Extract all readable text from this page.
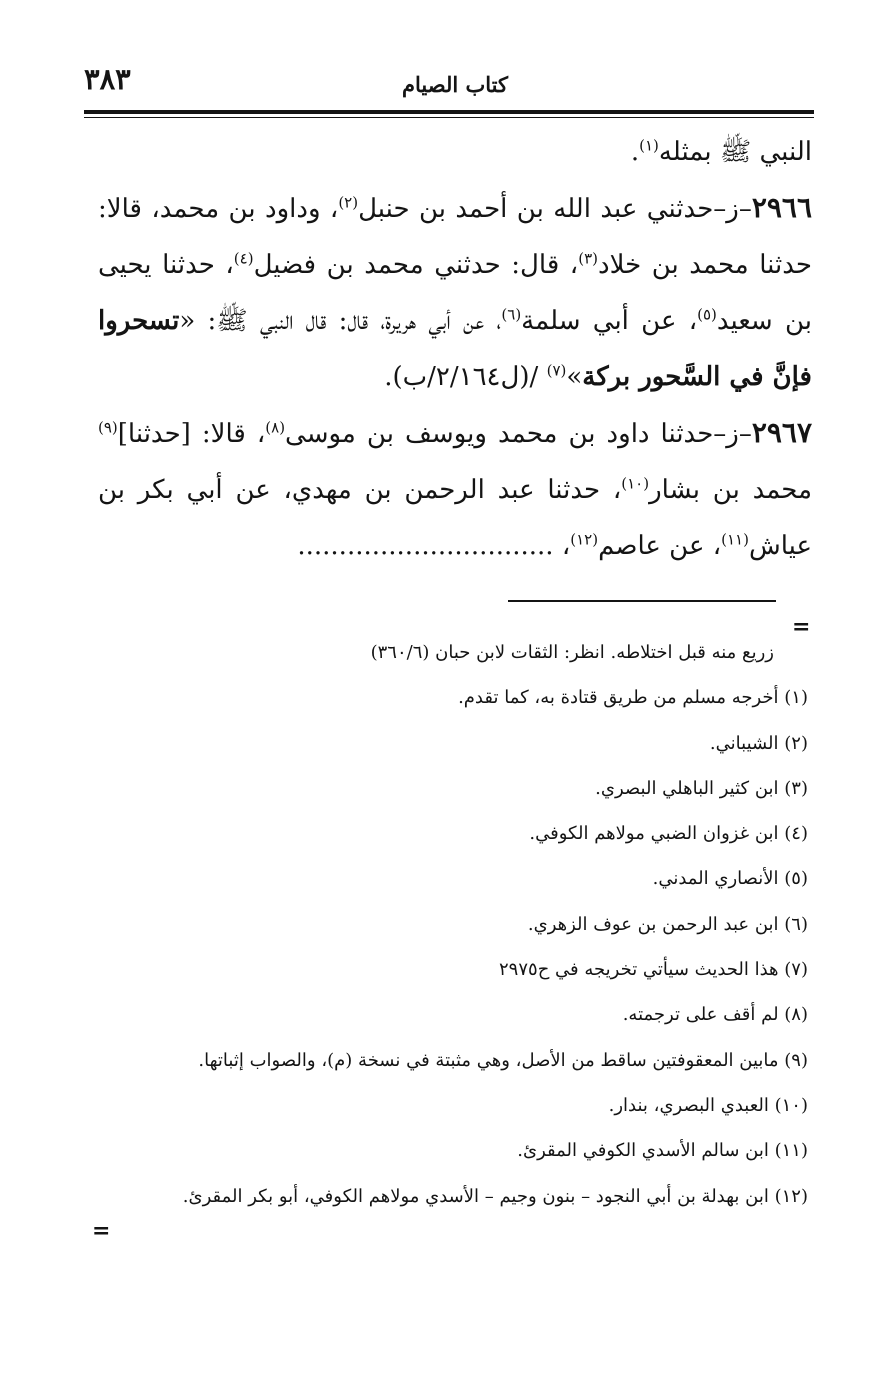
٣٨٣	كتاب الصيام

النبي ﷺ بمثله$^{(١)}$.

٢٩٦٦–ز–حدثني عبد الله بن أحمد بن حنبل$^{(٢)}$، وداود بن محمد، قالا: حدثنا محمد بن خلاد$^{(٣)}$، قال: حدثني محمد بن فضيل$^{(٤)}$، حدثنا يحيى بن سعيد$^{(٥)}$، عن أبي سلمة$^{(٦)}$، عن أبي هريرة، قال: قال النبي ﷺ: «تسحروا فإنَّ في السَّحور بركة»$^{(٧)}$ /(ل٢/١٦٤/ب).

٢٩٦٧–ز–حدثنا داود بن محمد ويوسف بن موسى$^{(٨)}$، قالا: [حدثنا]$^{(٩)}$ محمد بن بشار$^{(١٠)}$، حدثنا عبد الرحمن بن مهدي، عن أبي بكر بن عياش$^{(١١)}$، عن عاصم$^{(١٢)}$، ...............................

=
زريع منه قبل اختلاطه. انظر: الثقات لابن حبان (٣٦٠/٦)
(١) أخرجه مسلم من طريق قتادة به، كما تقدم.
(٢) الشيباني.
(٣) ابن كثير الباهلي البصري.
(٤) ابن غزوان الضبي مولاهم الكوفي.
(٥) الأنصاري المدني.
(٦) ابن عبد الرحمن بن عوف الزهري.
(٧) هذا الحديث سيأتي تخريجه في ح٢٩٧٥
(٨) لم أقف على ترجمته.
(٩) مابين المعقوفتين ساقط من الأصل، وهي مثبتة في نسخة (م)، والصواب إثباتها.
(١٠) العبدي البصري، بندار.
(١١) ابن سالم الأسدي الكوفي المقرئ.
(١٢) ابن بهدلة بن أبي النجود – بنون وجيم – الأسدي مولاهم الكوفي، أبو بكر المقرئ.
=
